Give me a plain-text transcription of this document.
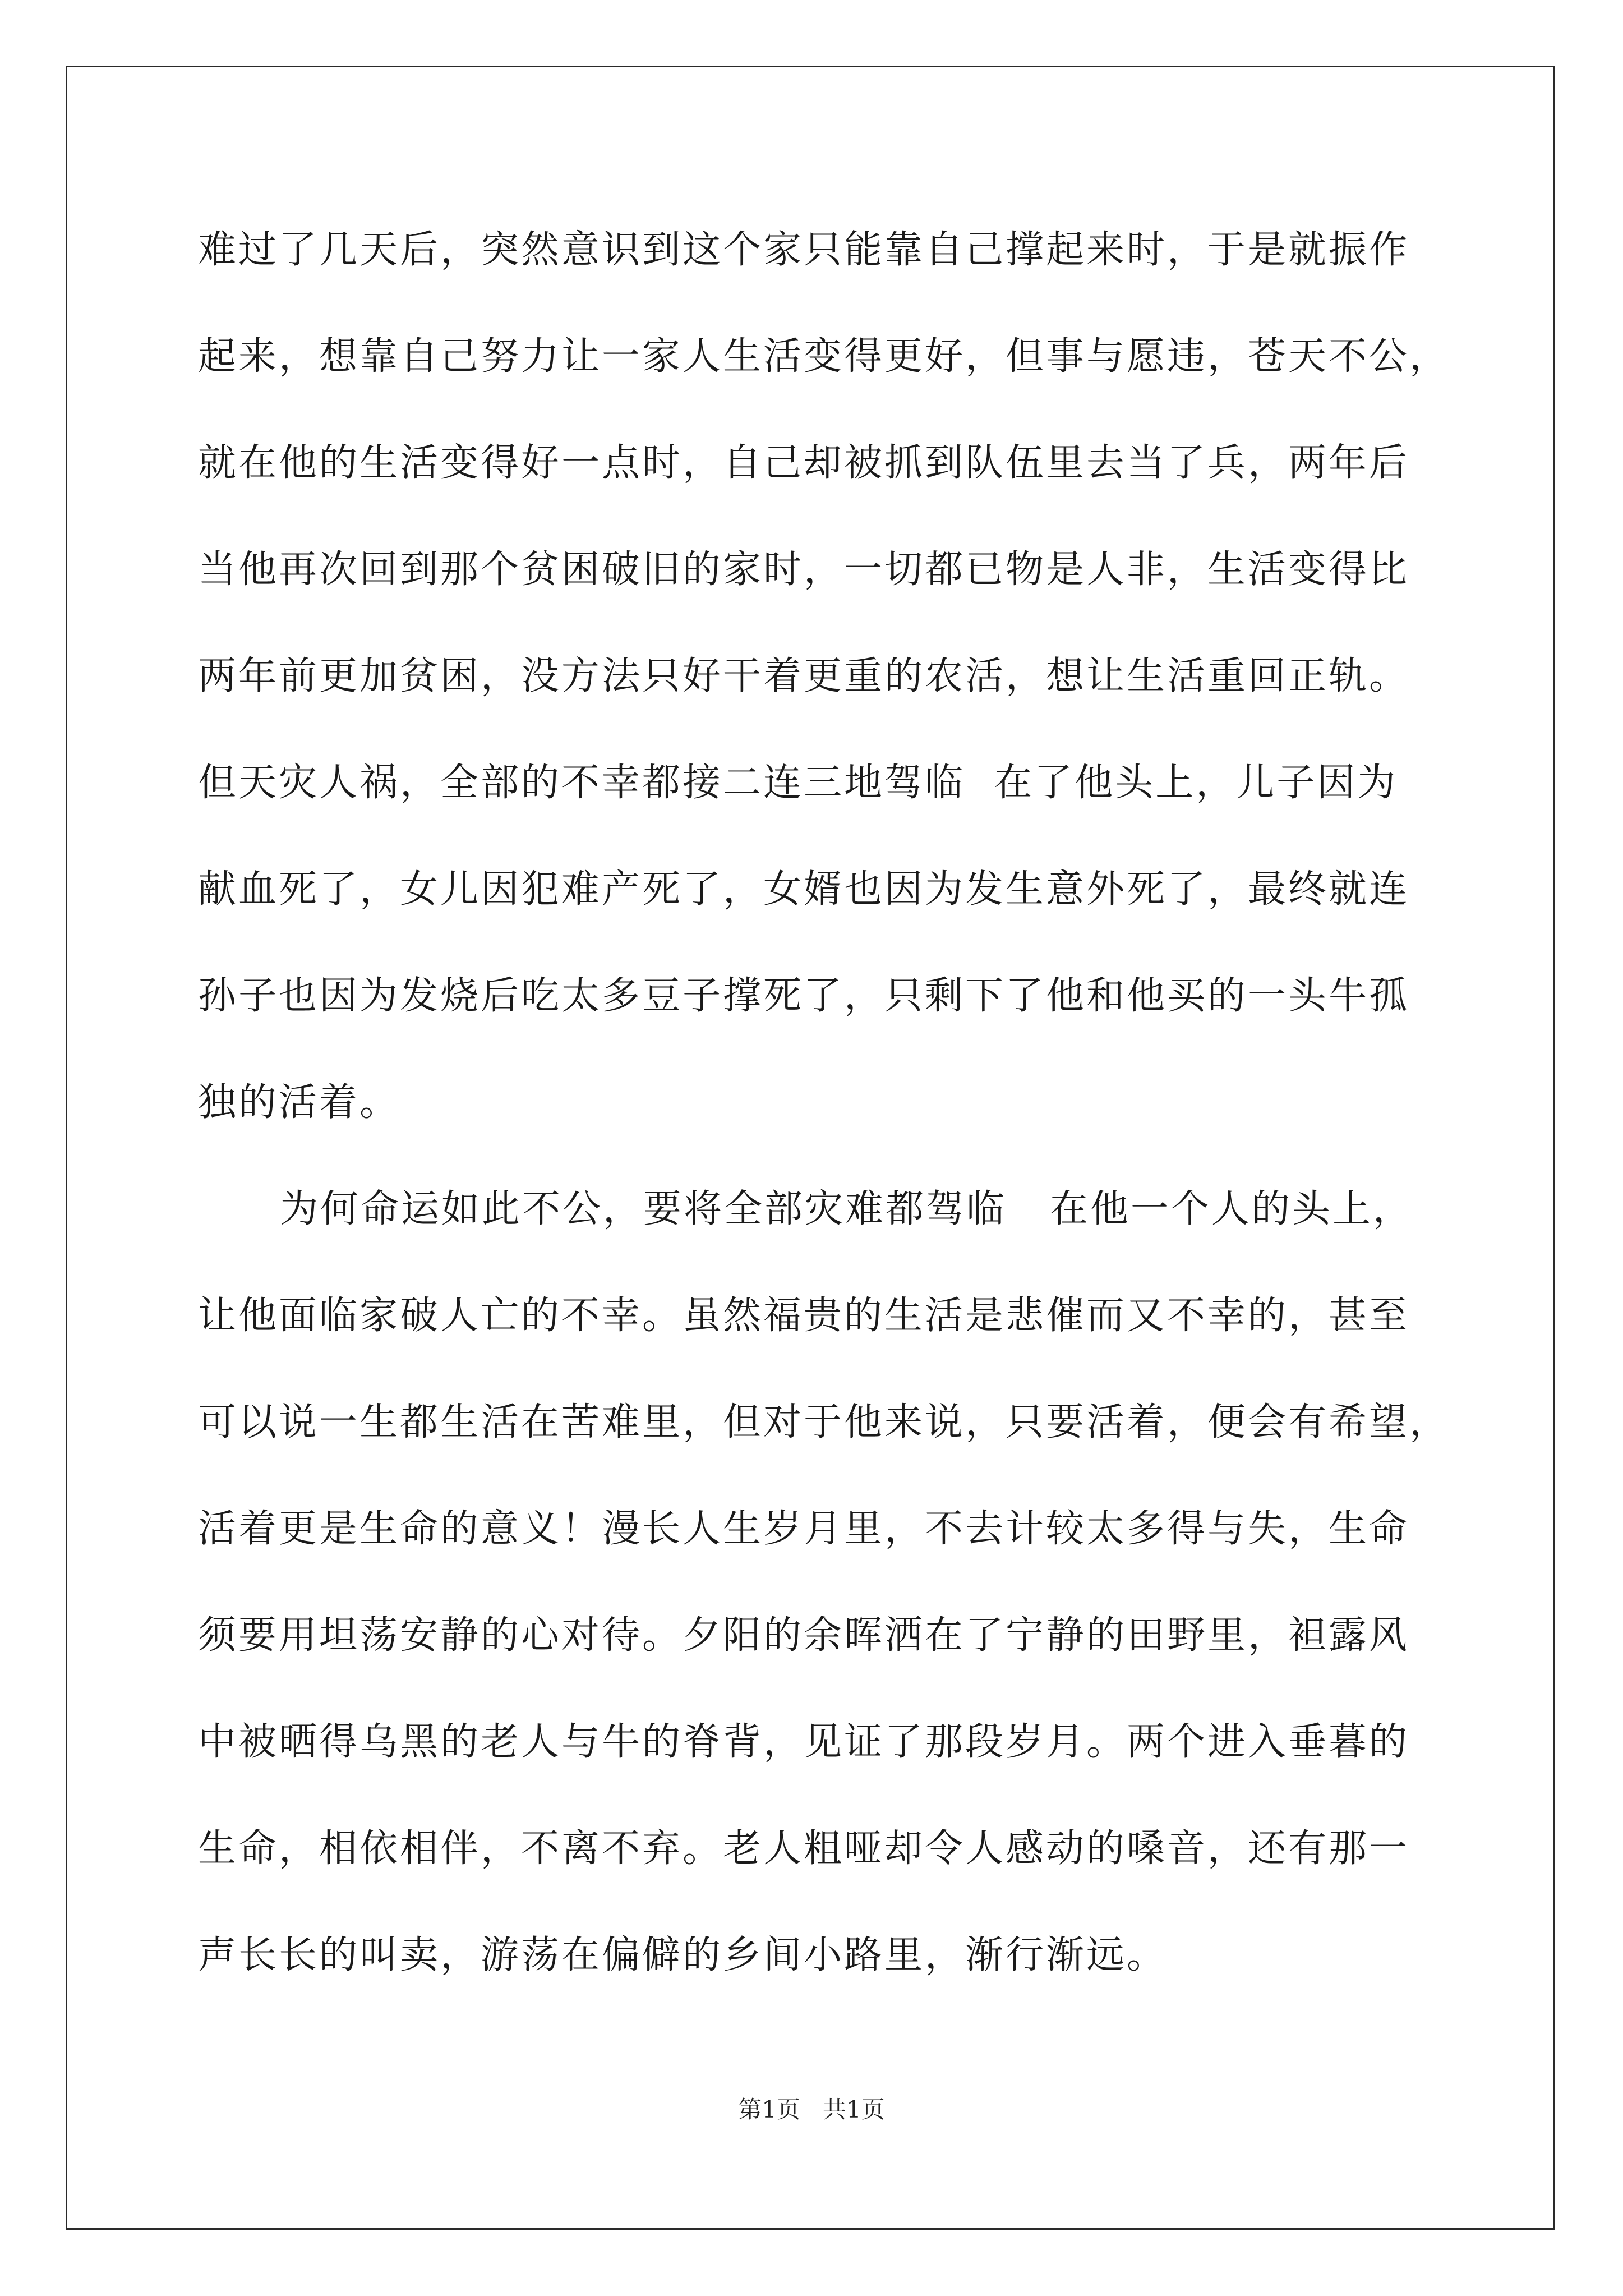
难过了几天后，突然意识到这个家只能靠自己撑起来时，于是就振作
起来，想靠自己努力让一家人生活变得更好，但事与愿违，苍天不公，
就在他的生活变得好一点时，自己却被抓到队伍里去当了兵，两年后
当他再次回到那个贫困破旧的家时，一切都已物是人非，生活变得比
两年前更加贫困，没方法只好干着更重的农活，想让生活重回正轨。
但天灾人祸，全部的不幸都接二连三地驾临  在了他头上，儿子因为
献血死了，女儿因犯难产死了，女婿也因为发生意外死了，最终就连
孙子也因为发烧后吃太多豆子撑死了，只剩下了他和他买的一头牛孤
独的活着。
为何命运如此不公，要将全部灾难都驾临   在他一个人的头上，
让他面临家破人亡的不幸。虽然福贵的生活是悲催而又不幸的，甚至
可以说一生都生活在苦难里，但对于他来说，只要活着，便会有希望，
活着更是生命的意义！漫长人生岁月里，不去计较太多得与失，生命
须要用坦荡安静的心对待。夕阳的余晖洒在了宁静的田野里，袒露风
中被晒得乌黑的老人与牛的脊背，见证了那段岁月。两个进入垂暮的
生命，相依相伴，不离不弃。老人粗哑却令人感动的嗓音，还有那一
声长长的叫卖，游荡在偏僻的乡间小路里，渐行渐远。
第1页   共1页
